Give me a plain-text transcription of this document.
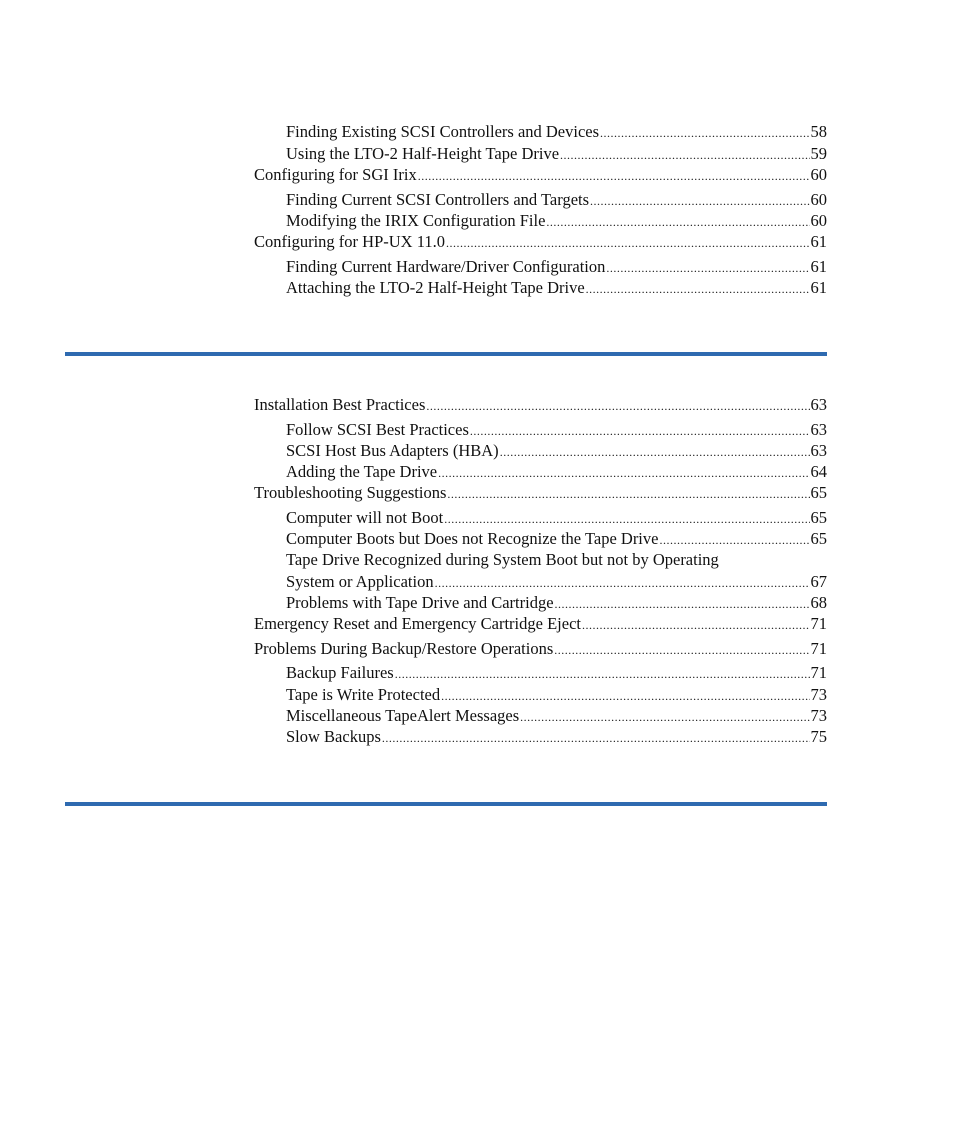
Finding Existing SCSI Controllers and Devices .....	58
Using the LTO-2 Half-Height Tape Drive .....	59
Configuring for SGI Irix .....	60
Finding Current SCSI Controllers and Targets .....	60
Modifying the IRIX Configuration File .....	60
Configuring for HP-UX 11.0 .....	61
Finding Current Hardware/Driver Configuration .....	61
Attaching the LTO-2 Half-Height Tape Drive .....	61
Installation Best Practices .....	63
Follow SCSI Best Practices .....	63
SCSI Host Bus Adapters (HBA) .....	63
Adding the Tape Drive .....	64
Troubleshooting Suggestions .....	65
Computer will not Boot .....	65
Computer Boots but Does not Recognize the Tape Drive .....	65
Tape Drive Recognized during System Boot but not by Operating
System or Application .....	67
Problems with Tape Drive and Cartridge .....	68
Emergency Reset and Emergency Cartridge Eject .....	71
Problems During Backup/Restore Operations .....	71
Backup Failures .....	71
Tape is Write Protected .....	73
Miscellaneous TapeAlert Messages .....	73
Slow Backups .....	75
